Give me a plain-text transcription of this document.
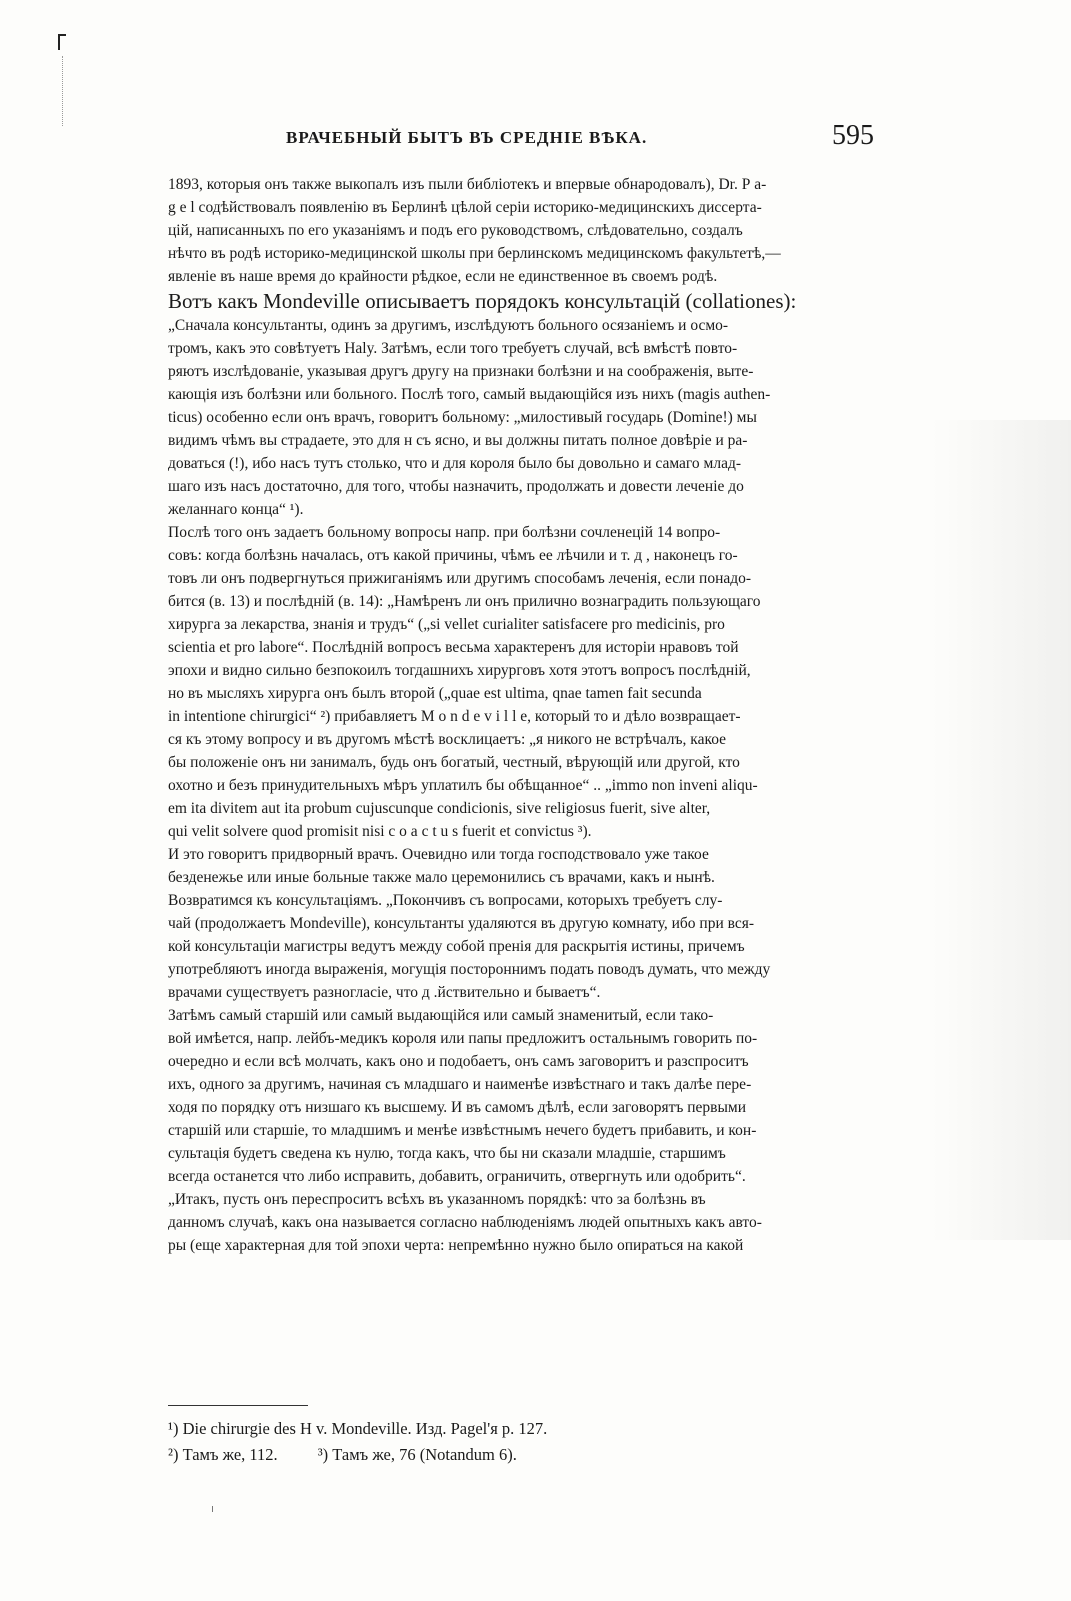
ВРАЧЕБНЫЙ БЫТЪ ВЪ СРЕДНІЕ ВѢКА.	595

1893, которыя онъ также выкопалъ изъ пыли библіотекъ и впервые обнародовалъ), Dr. Р а-

g e l содѣйствовалъ появленію въ Берлинѣ цѣлой серіи историко-медицинскихъ диссерта-

цій, написанныхъ по его указаніямъ и подъ его руководствомъ, слѣдовательно, создалъ

нѣчто въ родѣ историко-медицинской школы при берлинскомъ медицинскомъ факультетѣ,—

явленіе въ наше время до крайности рѣдкое, если не единственное въ своемъ родѣ.

Вотъ какъ Mondeville описываетъ порядокъ консультацій (collationes):

„Сначала консультанты, одинъ за другимъ, изслѣдуютъ больного осязаніемъ и осмо-

тромъ, какъ это совѣтуетъ Haly. Затѣмъ, если того требуетъ случай, всѣ вмѣстѣ повто-

ряютъ изслѣдованіе, указывая другъ другу на признаки болѣзни и на соображенія, выте-

кающія изъ болѣзни или больного. Послѣ того, самый выдающійся изъ нихъ (magis authen-

ticus) особенно если онъ врачъ, говоритъ больному: „милостивый государь (Domine!) мы

видимъ чѣмъ вы страдаете, это для н съ ясно, и вы должны питать полное довѣріе и ра-

доваться (!), ибо насъ тутъ столько, что и для короля было бы довольно и самаго млад-

шаго изъ насъ достаточно, для того, чтобы назначить, продолжать и довести леченіе до

желаннаго конца“ ¹).

Послѣ того онъ задаетъ больному вопросы напр. при болѣзни сочленецій 14 вопро-

совъ: когда болѣзнь началась, отъ какой причины, чѣмъ ее лѣчили и т. д , наконецъ го-

товъ ли онъ подвергнуться прижиганіямъ или другимъ способамъ леченія, если понадо-

бится (в. 13) и послѣдній (в. 14): „Намѣренъ ли онъ прилично вознаградить пользующаго

хирурга за лекарства, знанія и трудъ“ („si vellet curialiter satisfacere pro medicinis, pro

scientia et pro labore“. Послѣдній вопросъ весьма характеренъ для исторіи нравовъ той

эпохи и видно сильно безпокоилъ тогдашнихъ хирурговъ хотя этотъ вопросъ послѣдній,

но въ мысляхъ хирурга онъ былъ второй („quae est ultima, qnae tamen fait secunda

in intentione chirurgici“ ²) прибавляетъ M o n d e v i l l e, который то и дѣло возвращает-

ся къ этому вопросу и въ другомъ мѣстѣ восклицаетъ: „я никого не встрѣчалъ, какое

бы положеніе онъ ни занималъ, будь онъ богатый, честный, вѣрующій или другой, кто

охотно и безъ принудительныхъ мѣръ уплатилъ бы обѣщанное“ .. „immo non inveni aliqu-

em ita divitem aut ita probum cujuscunque condicionis, sive religiosus fuerit, sive alter,

qui velit solvere quod promisit nisi c o a c t u s fuerit et convictus ³).

И это говоритъ придворный врачъ. Очевидно или тогда господствовало уже такое

безденежье или иные больные также мало церемонились съ врачами, какъ и нынѣ.

Возвратимся къ консультаціямъ. „Покончивъ съ вопросами, которыхъ требуетъ слу-

чай (продолжаетъ Mondeville), консультанты удаляются въ другую комнату, ибо при вся-

кой консультаціи магистры ведутъ между собой пренія для раскрытія истины, причемъ

употребляютъ иногда выраженія, могущія постороннимъ подать поводъ думать, что между

врачами существуетъ разногласіе, что д .йствительно и бываетъ“.

Затѣмъ самый старшій или самый выдающійся или самый знаменитый, если тако-

вой имѣется, напр. лейбъ-медикъ короля или папы предложитъ остальнымъ говорить по-

очередно и если всѣ молчать, какъ оно и подобаетъ, онъ самъ заговоритъ и разспроситъ

ихъ, одного за другимъ, начиная съ младшаго и наименѣе извѣстнаго и такъ далѣе пере-

ходя по порядку отъ низшаго къ высшему. И въ самомъ дѣлѣ, если заговорятъ первыми

старшій или старшіе, то младшимъ и менѣе извѣстнымъ нечего будетъ прибавить, и кон-

сультація будетъ сведена къ нулю, тогда какъ, что бы ни сказали младшіе, старшимъ

всегда останется что либо исправить, добавить, ограничить, отвергнуть или одобрить“.

„Итакъ, пусть онъ переспроситъ всѣхъ въ указанномъ порядкѣ: что за болѣзнь въ

данномъ случаѣ, какъ она называется согласно наблюденіямъ людей опытныхъ какъ авто-

ры (еще характерная для той эпохи черта: непремѣнно нужно было опираться на какой

¹) Die chirurgie des H v. Mondeville. Изд. Pagel'я р. 127.
²) Тамъ же, 112. ³) Тамъ же, 76 (Notandum 6).
